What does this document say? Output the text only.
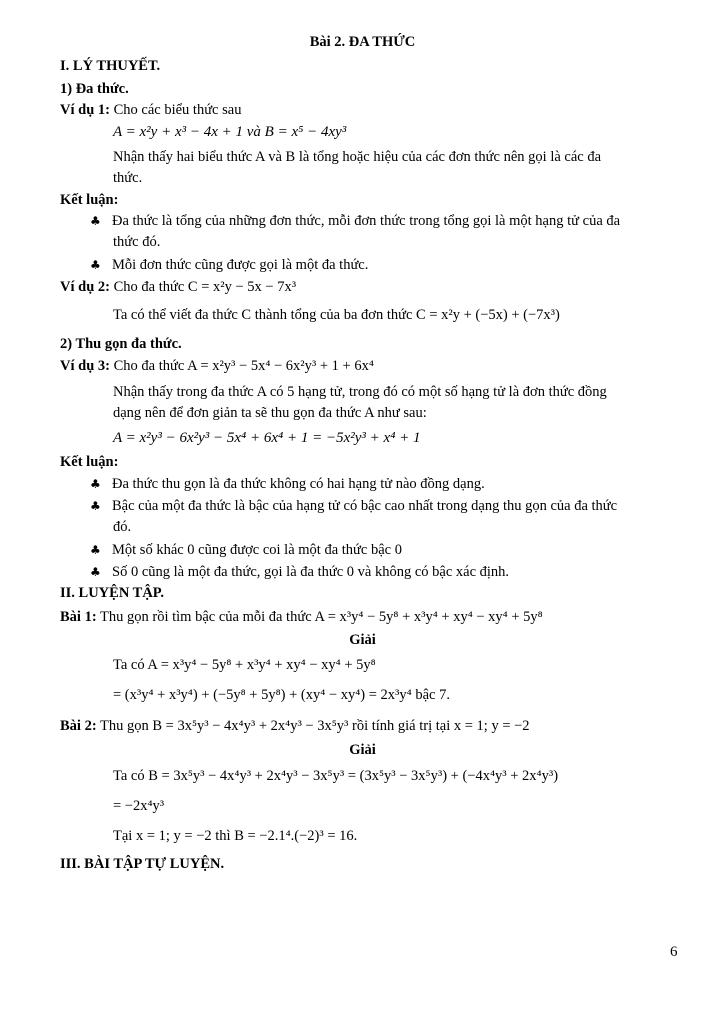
Bài 2. ĐA THỨC
I. LÝ THUYẾT.
1) Đa thức.
Ví dụ 1: Cho các biểu thức sau
A = x²y + x³ − 4x + 1 và B = x⁵ − 4xy³
Nhận thấy hai biểu thức A và B là tổng hoặc hiệu của các đơn thức nên gọi là các đa
thức.
Kết luận:
♣ Đa thức là tổng của những đơn thức, mỗi đơn thức trong tổng gọi là một hạng tử của đa
thức đó.
♣ Mỗi đơn thức cũng được gọi là một đa thức.
Ví dụ 2: Cho đa thức C = x²y − 5x − 7x³
Ta có thể viết đa thức C thành tổng của ba đơn thức C = x²y + (−5x) + (−7x³)
2) Thu gọn đa thức.
Ví dụ 3: Cho đa thức A = x²y³ − 5x⁴ − 6x²y³ + 1 + 6x⁴
Nhận thấy trong đa thức A có 5 hạng tử, trong đó có một số hạng tử là đơn thức đồng
dạng nên để đơn giản ta sẽ thu gọn đa thức A như sau:
A = x²y³ − 6x²y³ − 5x⁴ + 6x⁴ + 1 = −5x²y³ + x⁴ + 1
Kết luận:
♣ Đa thức thu gọn là đa thức không có hai hạng tử nào đồng dạng.
♣ Bậc của một đa thức là bậc của hạng tử có bậc cao nhất trong dạng thu gọn của đa thức
đó.
♣ Một số khác 0 cũng được coi là một đa thức bậc 0
♣ Số 0 cũng là một đa thức, gọi là đa thức 0 và không có bậc xác định.
II. LUYỆN TẬP.
Bài 1: Thu gọn rồi tìm bậc của mỗi đa thức A = x³y⁴ − 5y⁸ + x³y⁴ + xy⁴ − xy⁴ + 5y⁸
Giải
Ta có A = x³y⁴ − 5y⁸ + x³y⁴ + xy⁴ − xy⁴ + 5y⁸
= (x³y⁴ + x³y⁴) + (−5y⁸ + 5y⁸) + (xy⁴ − xy⁴) = 2x³y⁴ bậc 7.
Bài 2: Thu gọn B = 3x⁵y³ − 4x⁴y³ + 2x⁴y³ − 3x⁵y³ rồi tính giá trị tại x = 1; y = −2
Giải
Ta có B = 3x⁵y³ − 4x⁴y³ + 2x⁴y³ − 3x⁵y³ = (3x⁵y³ − 3x⁵y³) + (−4x⁴y³ + 2x⁴y³)
= −2x⁴y³
Tại x = 1; y = −2 thì B = −2.1⁴.(−2)³ = 16.
III. BÀI TẬP TỰ LUYỆN.
6
